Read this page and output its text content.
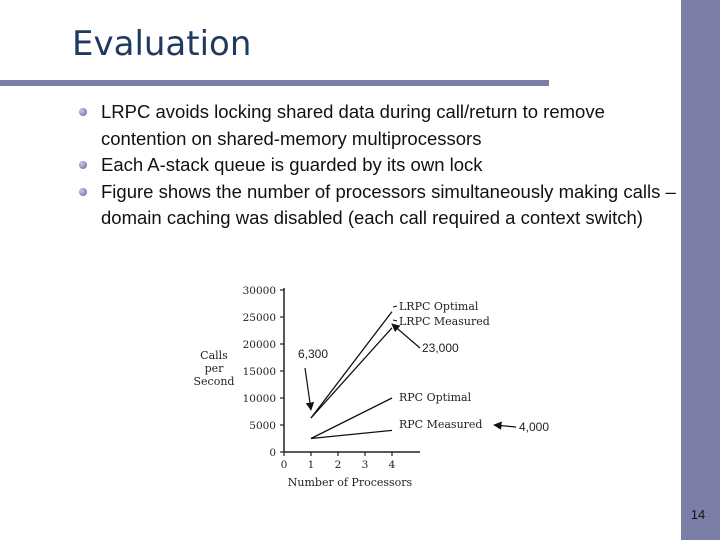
Evaluation
LRPC avoids locking shared data during call/return to remove contention on shared-memory multiprocessors
Each A-stack queue is guarded by its own lock
Figure shows the number of processors simultaneously making calls – domain caching was disabled (each call required a context switch)
0
5000
10000
15000
20000
25000
30000
0 1 2 3 4
Calls
per
Second
Number of Processors
LRPC Optimal
LRPC Measured
RPC Optimal
RPC Measured
6,300	23,000
4,000
14
